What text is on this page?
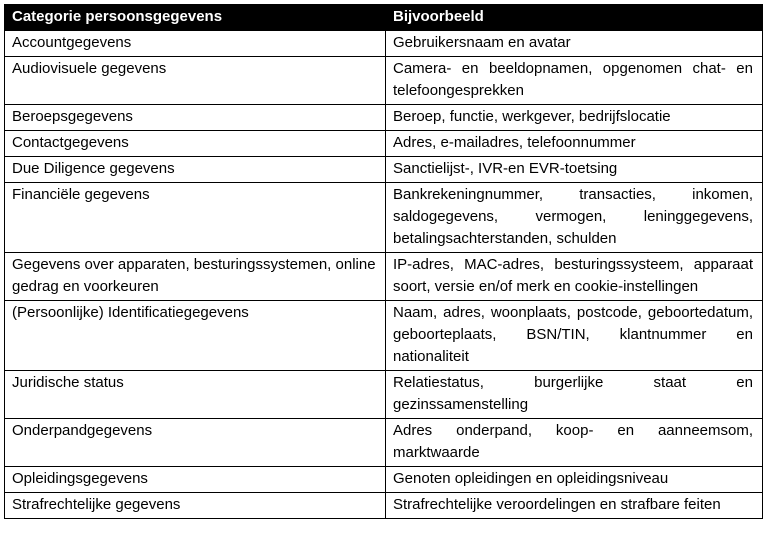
Categorie persoonsgegevens	Bijvoorbeeld
Accountgegevens	Gebruikersnaam en avatar
Audiovisuele gegevens	Camera- en beeldopnamen, opgenomen chat- en telefoongesprekken
Beroepsgegevens	Beroep, functie, werkgever, bedrijfslocatie
Contactgegevens	Adres, e-mailadres, telefoonnummer
Due Diligence gegevens	Sanctielijst-, IVR-en EVR-toetsing
Financiële gegevens	Bankrekeningnummer, transacties, inkomen, saldogegevens, vermogen, leninggegevens, betalingsachterstanden, schulden
Gegevens over apparaten, besturingssystemen, online gedrag en voorkeuren	IP-adres, MAC-adres, besturingssysteem, apparaat soort, versie en/of merk en cookie-instellingen
(Persoonlijke) Identificatiegegevens	Naam, adres, woonplaats, postcode, geboortedatum, geboorteplaats, BSN/TIN, klantnummer en nationaliteit
Juridische status	Relatiestatus, burgerlijke staat en gezinssamenstelling
Onderpandgegevens	Adres onderpand, koop- en aanneemsom, marktwaarde
Opleidingsgegevens	Genoten opleidingen en opleidingsniveau
Strafrechtelijke gegevens	Strafrechtelijke veroordelingen en strafbare feiten
